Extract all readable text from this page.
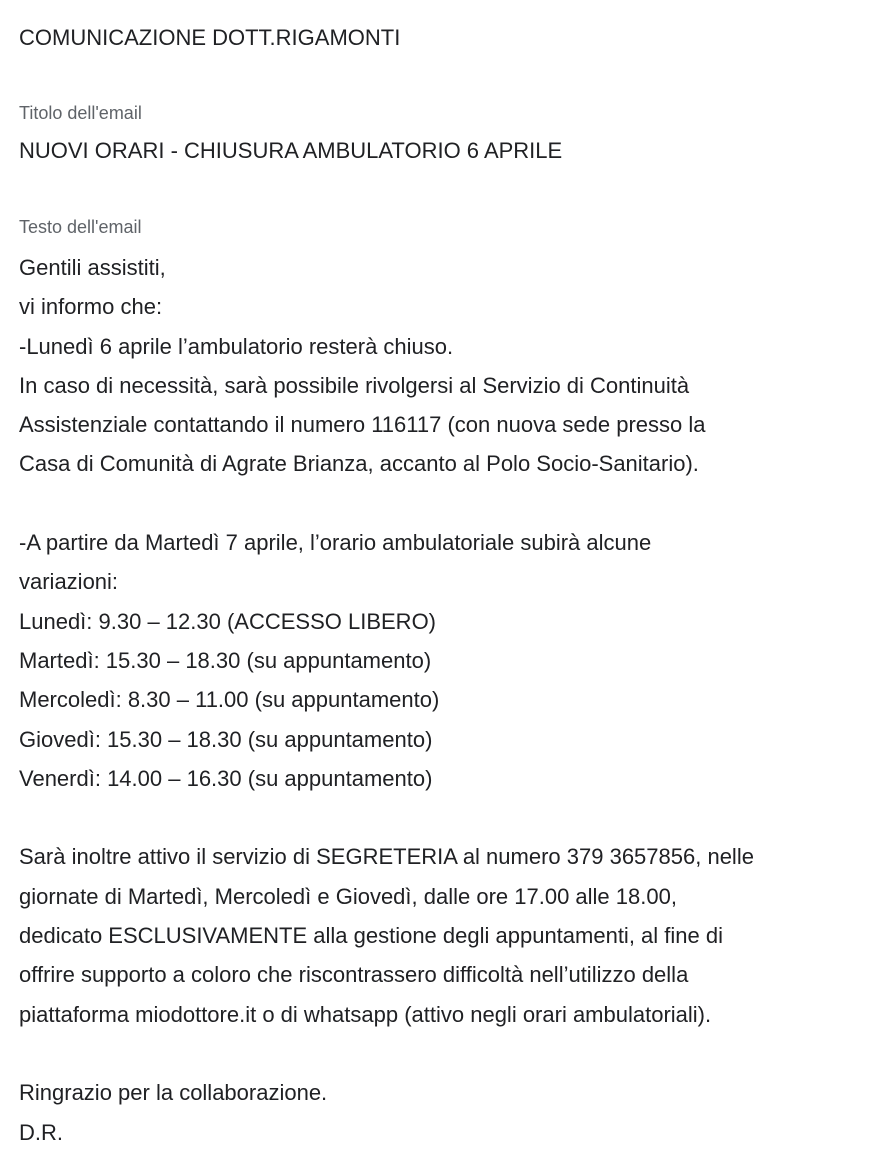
COMUNICAZIONE DOTT.RIGAMONTI
Titolo dell'email
NUOVI ORARI - CHIUSURA AMBULATORIO 6 APRILE
Testo dell'email
Gentili assistiti,
vi informo che:
-Lunedì 6 aprile l’ambulatorio resterà chiuso.
In caso di necessità, sarà possibile rivolgersi al Servizio di Continuità
Assistenziale contattando il numero 116117 (con nuova sede presso la
Casa di Comunità di Agrate Brianza, accanto al Polo Socio-Sanitario).
-A partire da Martedì 7 aprile, l’orario ambulatoriale subirà alcune
variazioni:
Lunedì: 9.30 – 12.30 (ACCESSO LIBERO)
Martedì: 15.30 – 18.30 (su appuntamento)
Mercoledì: 8.30 – 11.00 (su appuntamento)
Giovedì: 15.30 – 18.30 (su appuntamento)
Venerdì: 14.00 – 16.30 (su appuntamento)
Sarà inoltre attivo il servizio di SEGRETERIA al numero 379 3657856, nelle
giornate di Martedì, Mercoledì e Giovedì, dalle ore 17.00 alle 18.00,
dedicato ESCLUSIVAMENTE alla gestione degli appuntamenti, al fine di
offrire supporto a coloro che riscontrassero difficoltà nell’utilizzo della
piattaforma miodottore.it o di whatsapp (attivo negli orari ambulatoriali).
Ringrazio per la collaborazione.
D.R.
